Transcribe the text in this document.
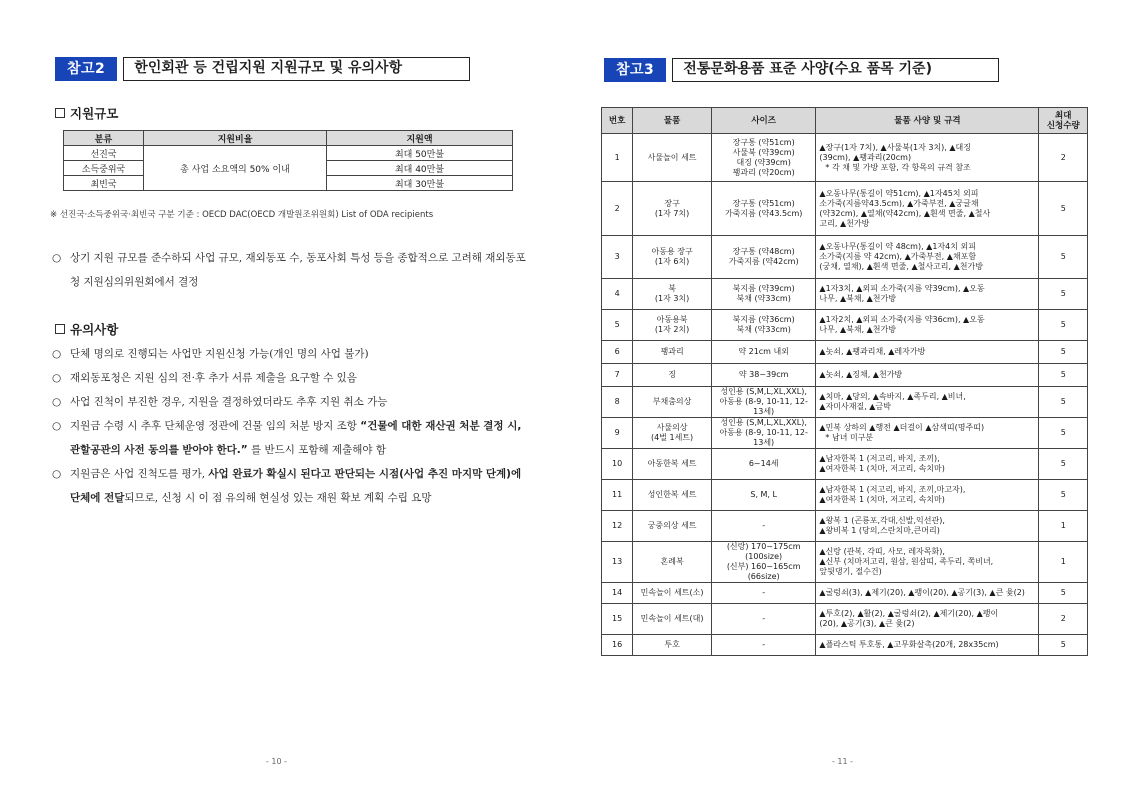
참고2	한인회관 등 건립지원 지원규모 및 유의사항
지원규모
분류	지원비율	지원액
선진국	총 사업 소요액의 50% 이내	최대 50만불
소득중위국		최대 40만불
최빈국		최대 30만불
※ 선진국·소득중위국·최빈국 구분 기준 : OECD DAC(OECD 개발원조위원회) List of ODA recipients
○ 상기 지원 규모를 준수하되 사업 규모, 재외동포 수, 동포사회 특성 등을 종합적으로 고려해 재외동포청 지원심의위원회에서 결정
유의사항
○ 단체 명의로 진행되는 사업만 지원신청 가능(개인 명의 사업 불가)
○ 재외동포청은 지원 심의 전·후 추가 서류 제출을 요구할 수 있음
○ 사업 진척이 부진한 경우, 지원을 결정하였더라도 추후 지원 취소 가능
○ 지원금 수령 시 추후 단체운영 정관에 건물 임의 처분 방지 조항 “건물에 대한 재산권 처분 결정 시, 관할공관의 사전 동의를 받아야 한다.” 를 반드시 포함해 제출해야 함
○ 지원금은 사업 진척도를 평가, 사업 완료가 확실시 된다고 판단되는 시점(사업 추진 마지막 단계)에 단체에 전달되므로, 신청 시 이 점 유의해 현실성 있는 재원 확보 계획 수립 요망
- 10 -
참고3	전통문화용품 표준 사양(수요 품목 기준)
번호	물품	사이즈	물품 사양 및 규격	최대
신청수량

1	사물놀이 세트	장구통 (약51cm)
사물북 (약39cm)
대징 (약39cm)
꽹과리 (약20cm)	▲장구(1자 7치), ▲사물북(1자 3치), ▲대징
(39cm), ▲꽹과리(20cm)
* 각 채 및 가방 포함, 각 항목의 규격 참조	2
2	장구
(1자 7치)	장구통 (약51cm)
가죽지름 (약43.5cm)	▲오동나무(통길이 약51cm), ▲1자45치 외피
소가죽(지름약43.5cm), ▲가죽부전, ▲궁글채
(약32cm), ▲열채(약42cm), ▲흰색 면줄, ▲철사
고리, ▲천가방	5
3	아동용 장구
(1자 6치)	장구통 (약48cm)
가죽지름 (약42cm)	▲오동나무(통길이 약 48cm), ▲1자4치 외피
소가죽(지름 약 42cm), ▲가죽부전, ▲채포함
(궁채, 열채), ▲흰색 면줄, ▲철사고리, ▲천가방	5
4	북
(1자 3치)	북지름 (약39cm)
북채 (약33cm)	▲1자3치, ▲외피 소가죽(지름 약39cm), ▲오동
나무, ▲북채, ▲천가방	5
5	아동용북
(1자 2치)	북지름 (약36cm)
북채 (약33cm)	▲1자2치, ▲외피 소가죽(지름 약36cm), ▲오동
나무, ▲북채, ▲천가방	5
6	꽹과리	약 21cm 내외	▲놋쇠, ▲꽹과리채, ▲레자가방	5
7	징	약 38~39cm	▲놋쇠, ▲징채, ▲천가방	5
8	부채춤의상	성인용 (S,M,L,XL,XXL),
아동용 (8-9, 10-11, 12-13세)	▲치마, ▲당의, ▲속바지, ▲족두리, ▲비녀,
▲자미사재질, ▲금박	5
9	사물의상
(4벌 1세트)	성인용 (S,M,L,XL,XXL),
아동용 (8-9, 10-11, 12-13세)	▲민복 상하의 ▲행전 ▲더걸이 ▲삼색띠(명주띠)
* 남녀 미구분	5
10	아동한복 세트	6~14세	▲남자한복 1 (저고리, 바지, 조끼),
▲여자한복 1 (치마, 저고리, 속치마)	5
11	성인한복 세트	S, M, L	▲남자한복 1 (저고리, 바지, 조끼,마고자),
▲여자한복 1 (치마, 저고리, 속치마)	5
12	궁중의상 세트	-	▲왕복 1 (곤룡포,각대,신발,익선관),
▲왕비복 1 (당의,스란치마,큰머리)	1
13	혼례복	(신랑) 170~175cm (100size)
(신부) 160~165cm (66size)	▲신랑 (관복, 각띠, 사모, 레자목화),
▲신부 (치마저고리, 원삼, 원삼띠, 족두리, 쪽비녀,
앞뒷댕기, 절수건)	1
14	민속놀이 세트(소)	-	▲굴렁쇠(3), ▲제기(20), ▲팽이(20), ▲공기(3), ▲큰 윷(2)	5
15	민속놀이 세트(대)	-	▲투호(2), ▲활(2), ▲굴렁쇠(2), ▲제기(20), ▲팽이
(20), ▲공기(3), ▲큰 윷(2)	2
16	투호	-	▲플라스틱 투호통, ▲고무화살촉(20개, 28x35cm)	5
- 11 -
